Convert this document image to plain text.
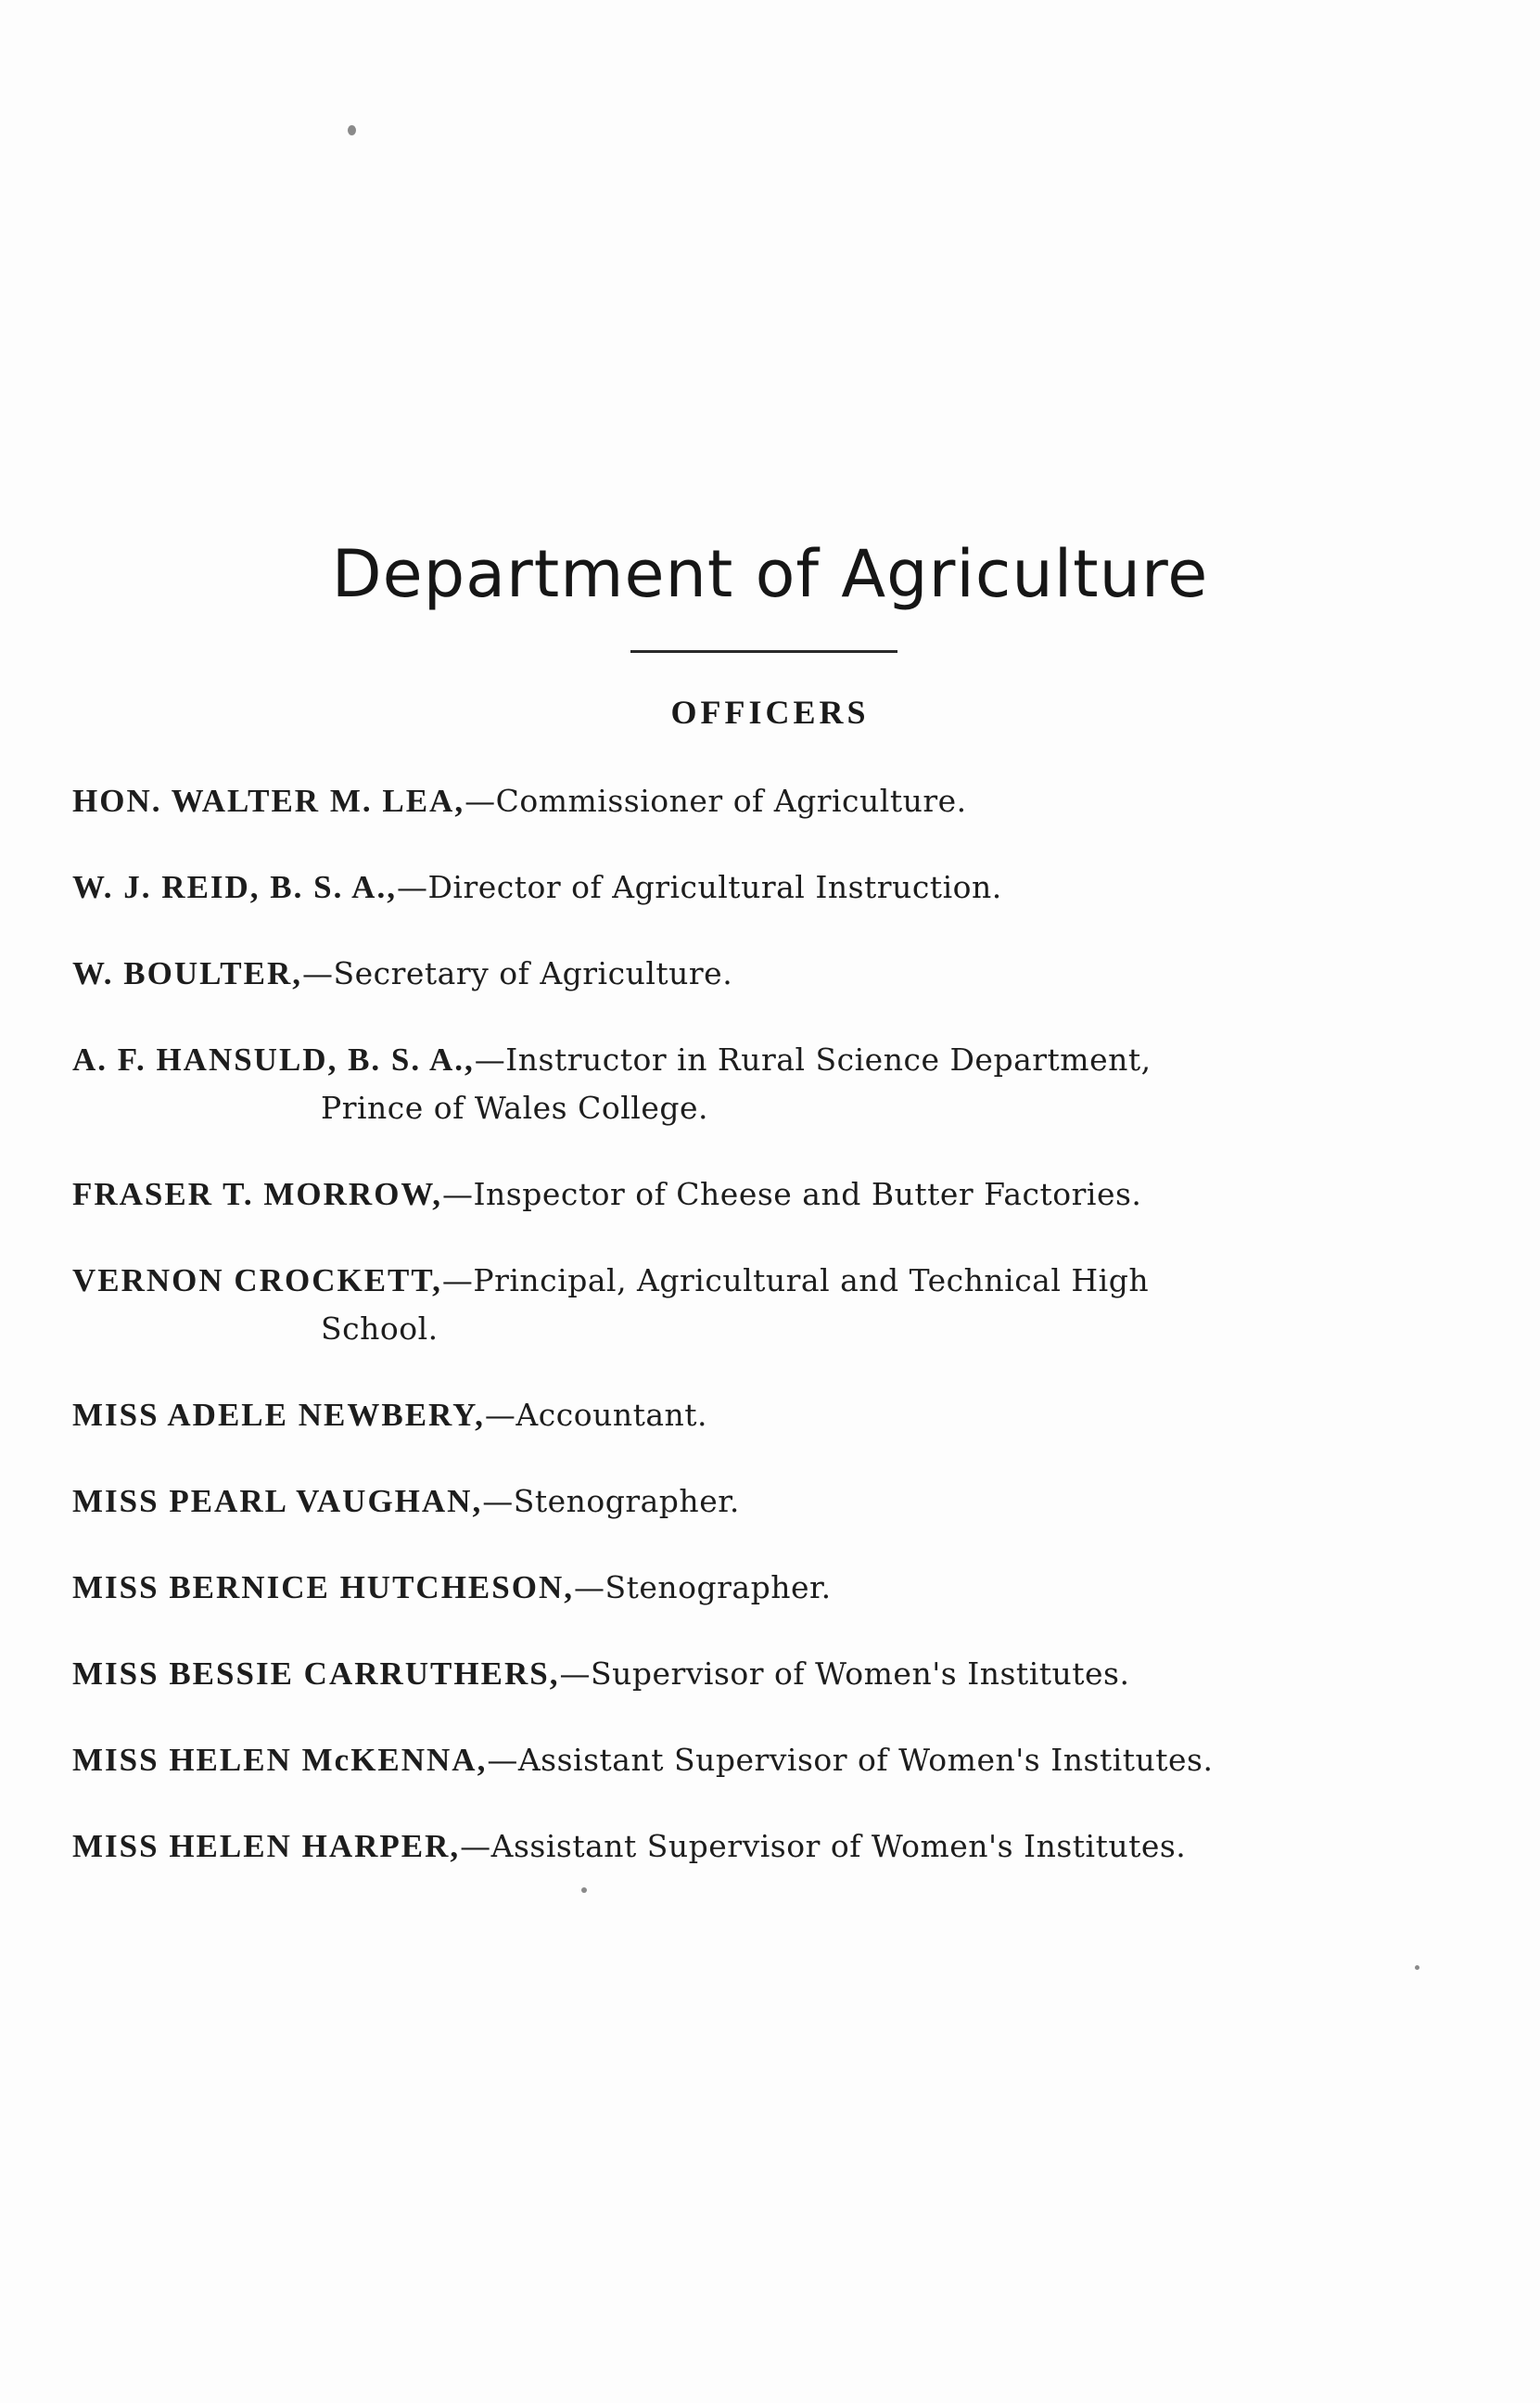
Department of Agriculture
OFFICERS
HON. WALTER M. LEA,—Commissioner of Agriculture.
W. J. REID, B. S. A.,—Director of Agricultural Instruction.
W. BOULTER,—Secretary of Agriculture.
A. F. HANSULD, B. S. A.,—Instructor in Rural Science Department,
Prince of Wales College.
FRASER T. MORROW,—Inspector of Cheese and Butter Factories.
VERNON CROCKETT,—Principal, Agricultural and Technical High
School.
MISS ADELE NEWBERY,—Accountant.
MISS PEARL VAUGHAN,—Stenographer.
MISS BERNICE HUTCHESON,—Stenographer.
MISS BESSIE CARRUTHERS,—Supervisor of Women's Institutes.
MISS HELEN McKENNA,—Assistant Supervisor of Women's Institutes.
MISS HELEN HARPER,—Assistant Supervisor of Women's Institutes.
